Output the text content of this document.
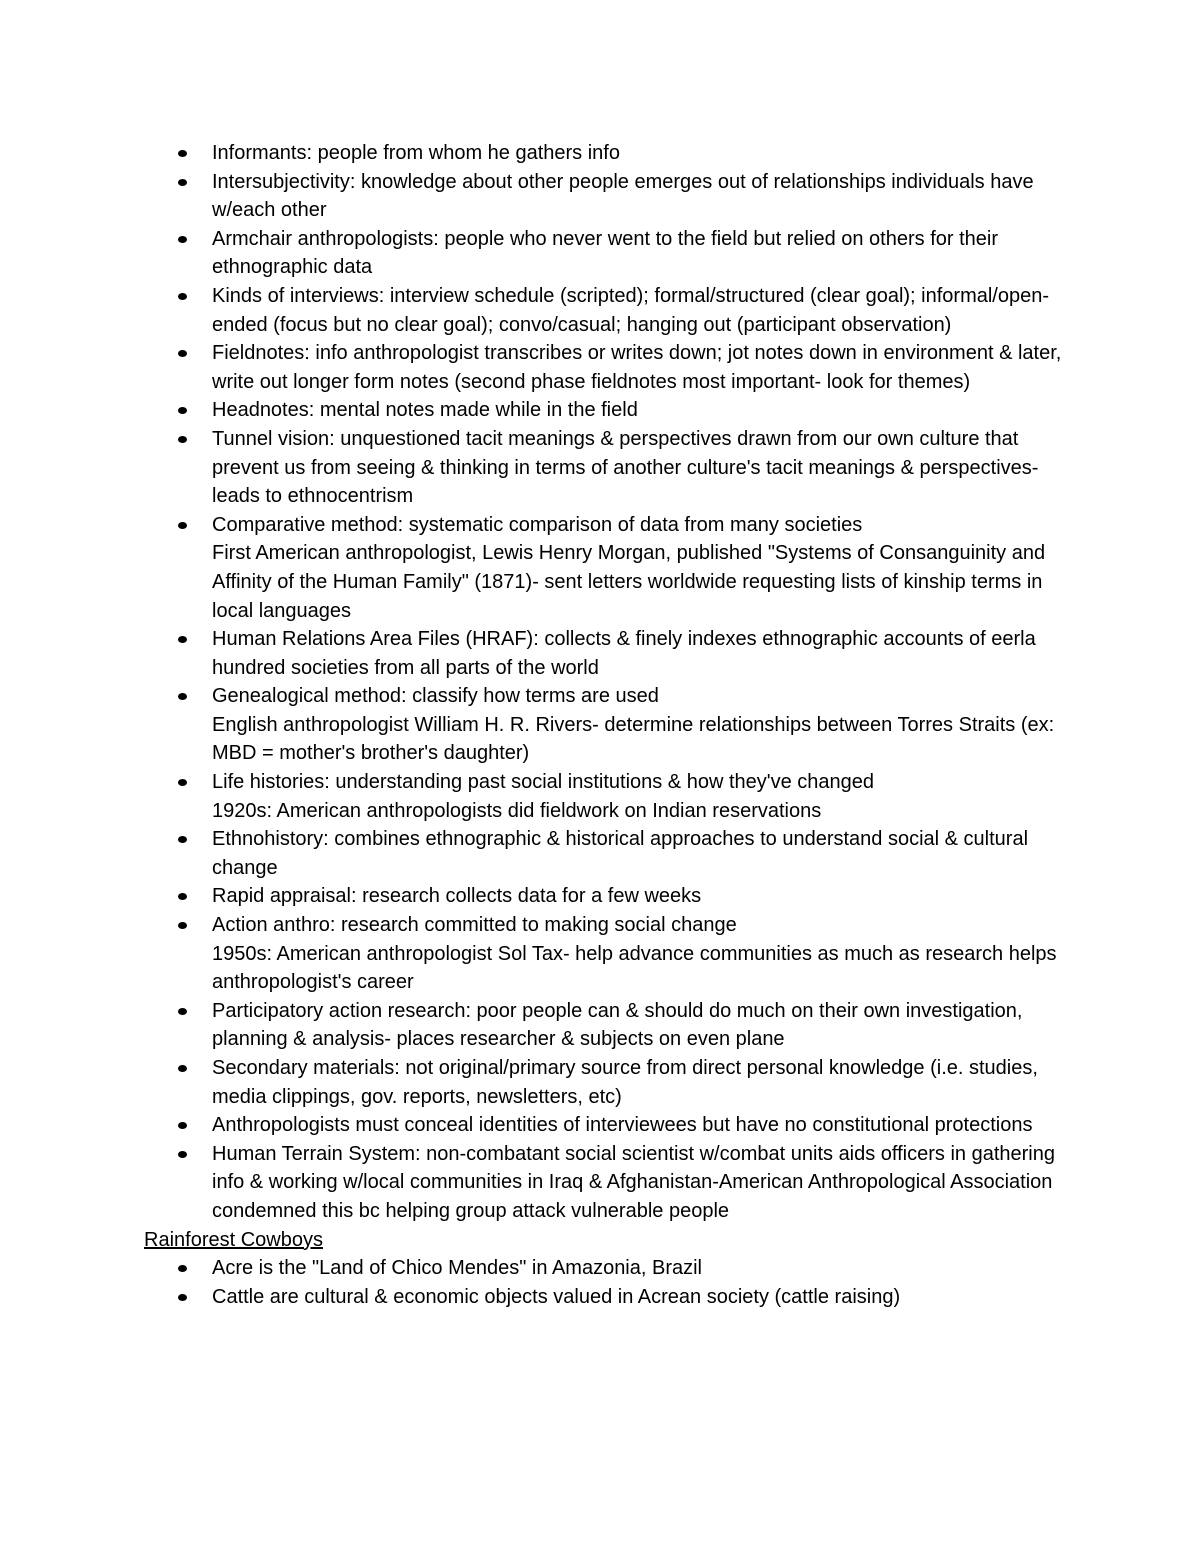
Informants: people from whom he gathers info
Intersubjectivity: knowledge about other people emerges out of relationships individuals have w/each other
Armchair anthropologists: people who never went to the field but relied on others for their ethnographic data
Kinds of interviews: interview schedule (scripted); formal/structured (clear goal); informal/open-ended (focus but no clear goal); convo/casual; hanging out (participant observation)
Fieldnotes: info anthropologist transcribes or writes down; jot notes down in environment & later, write out longer form notes (second phase fieldnotes most important- look for themes)
Headnotes: mental notes made while in the field
Tunnel vision: unquestioned tacit meanings & perspectives drawn from our own culture that prevent us from seeing & thinking in terms of another culture's tacit meanings & perspectives- leads to ethnocentrism
Comparative method: systematic comparison of data from many societies
First American anthropologist, Lewis Henry Morgan, published "Systems of Consanguinity and Affinity of the Human Family" (1871)- sent letters worldwide requesting lists of kinship terms in local languages
Human Relations Area Files (HRAF): collects & finely indexes ethnographic accounts of eerla hundred societies from all parts of the world
Genealogical method: classify how terms are used
English anthropologist William H. R. Rivers- determine relationships between Torres Straits (ex: MBD = mother's brother's daughter)
Life histories: understanding past social institutions & how they've changed
1920s: American anthropologists did fieldwork on Indian reservations
Ethnohistory: combines ethnographic & historical approaches to understand social & cultural change
Rapid appraisal: research collects data for a few weeks
Action anthro: research committed to making social change
1950s: American anthropologist Sol Tax- help advance communities as much as research helps anthropologist's career
Participatory action research: poor people can & should do much on their own investigation, planning & analysis- places researcher & subjects on even plane
Secondary materials: not original/primary source from direct personal knowledge (i.e. studies, media clippings, gov. reports, newsletters, etc)
Anthropologists must conceal identities of interviewees but have no constitutional protections
Human Terrain System: non-combatant social scientist w/combat units aids officers in gathering info & working w/local communities in Iraq & Afghanistan-American Anthropological Association condemned this bc helping group attack vulnerable people
Rainforest Cowboys
Acre is the "Land of Chico Mendes" in Amazonia, Brazil
Cattle are cultural & economic objects valued in Acrean society (cattle raising)
